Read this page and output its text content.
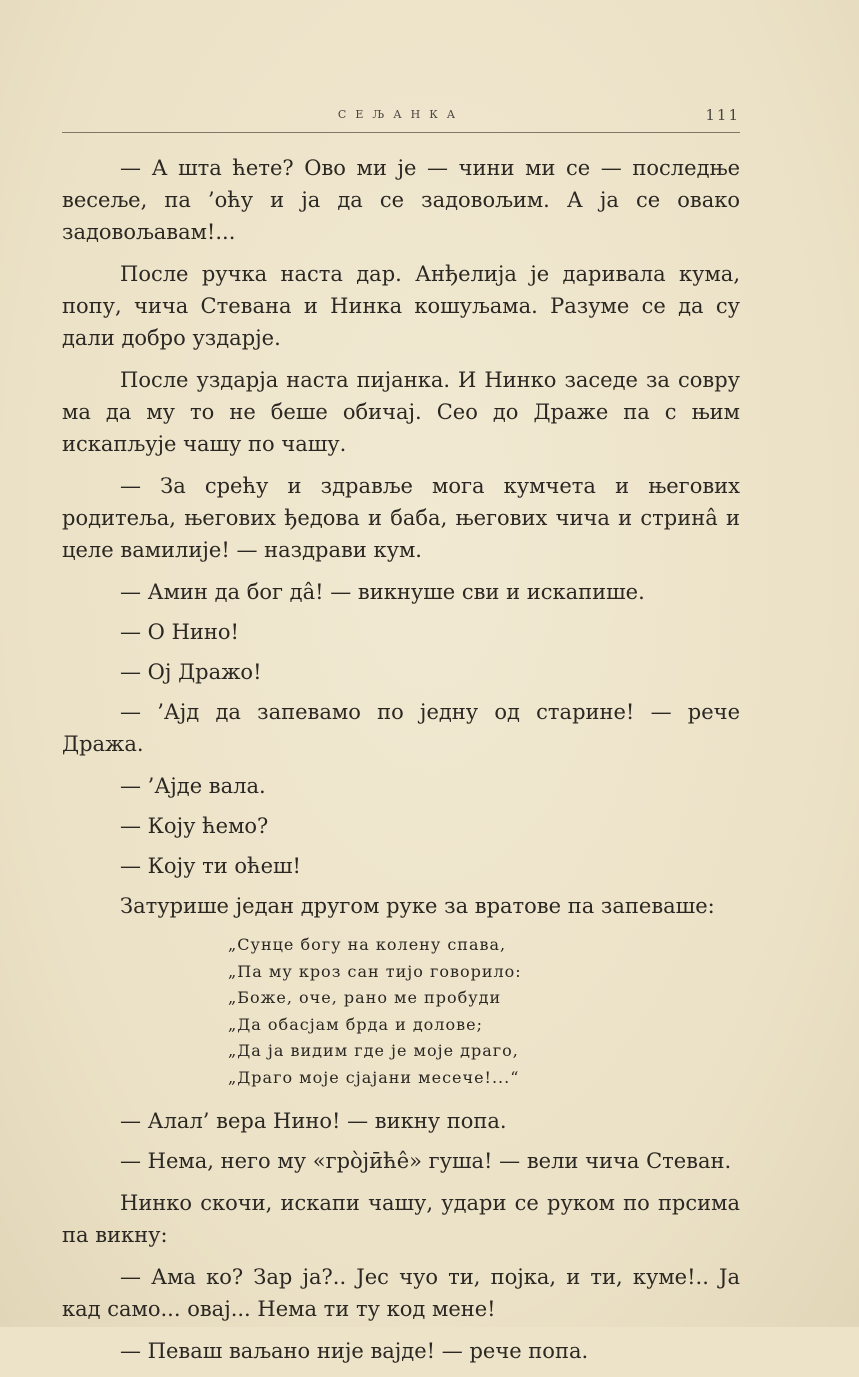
СЕЉАНКА	111

— А шта ћете? Ово ми је — чини ми се — последње весеље, па ’оћу и ја да се задовољим. А ја се овако задовољавам!...

После ручка наста дар. Анђелија је даривала кума, попу, чича Стевана и Нинка кошуљама. Разуме се да су дали добро уздарје.

После уздарја наста пијанка. И Нинко заседе за совру ма да му то не беше обичај. Сео до Драже па с њим искапљује чашу по чашу.

— За срећу и здравље мога кумчета и његових родитеља, његових ђедова и баба, његових чича и стринâ и целе вамилије! — наздрави кум.

— Амин да бог дâ! — викнуше сви и искапише.

— О Нино!

— Ој Дражо!

— ’Ајд да запевамо по једну од старине! — рече Дража.

— ’Ајде вала.

— Коју ћемо?

— Коју ти оћеш!

Затурише један другом руке за вратове па запеваше:

„Сунце богу на колену спава,
„Па му кроз сан тијо говорило:
„Боже, оче, рано ме пробуди
„Да обасјам брда и долове;
„Да ја видим где је моје драго,
„Драго моје сјајани месече!...“

— Алал’ вера Нино! — викну попа.

— Нема, него му «грòјӣћê» гуша! — вели чича Стеван.

Нинко скочи, искапи чашу, удари се руком по прсима па викну:

— Ама ко? Зар ја?.. Јес чуо ти, појка, и ти, куме!.. Ја кад само... овај... Нема ти ту код мене!

— Певаш ваљано није вајде! — рече попа.
